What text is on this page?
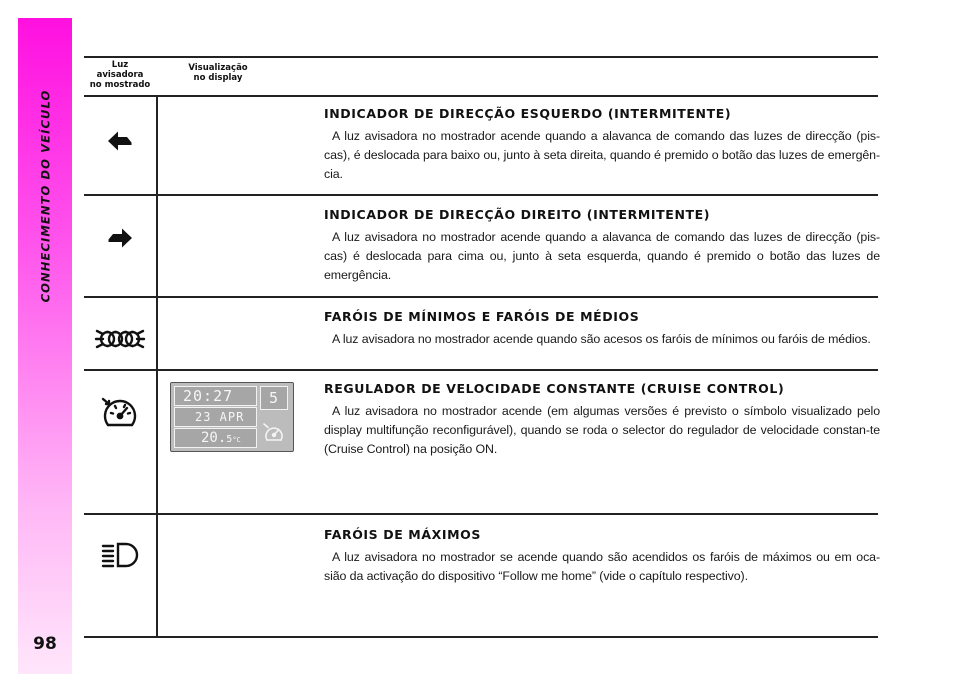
CONHECIMENTO DO VEÍCULO
98
Luz
avisadora
no mostrado
Visualização
no display
INDICADOR DE DIRECÇÃO ESQUERDO (INTERMITENTE)
A luz avisadora no mostrador acende quando a alavanca de comando das luzes de direcção (pis-cas), é deslocada para baixo ou, junto à seta direita, quando é premido o botão das luzes de emergên-cia.
INDICADOR DE DIRECÇÃO DIREITO (INTERMITENTE)
A luz avisadora no mostrador acende quando a alavanca de comando das luzes de direcção (pis-cas) é deslocada para cima ou, junto à seta esquerda, quando é premido o botão das luzes de emergência.
FARÓIS DE MÍNIMOS E FARÓIS DE MÉDIOS
A luz avisadora no mostrador acende quando são acesos os faróis de mínimos ou faróis de médios.
REGULADOR DE VELOCIDADE CONSTANTE (CRUISE CONTROL)
A luz avisadora no mostrador acende (em algumas versões é previsto o símbolo visualizado pelo display multifunção reconfigurável), quando se roda o selector do regulador de velocidade constan-te (Cruise Control) na posição ON.
20:27
23 APR
20.5°C
5
FARÓIS DE MÁXIMOS
A luz avisadora no mostrador se acende quando são acendidos os faróis de máximos ou em oca-sião da activação do dispositivo “Follow me home” (vide o capítulo respectivo).
